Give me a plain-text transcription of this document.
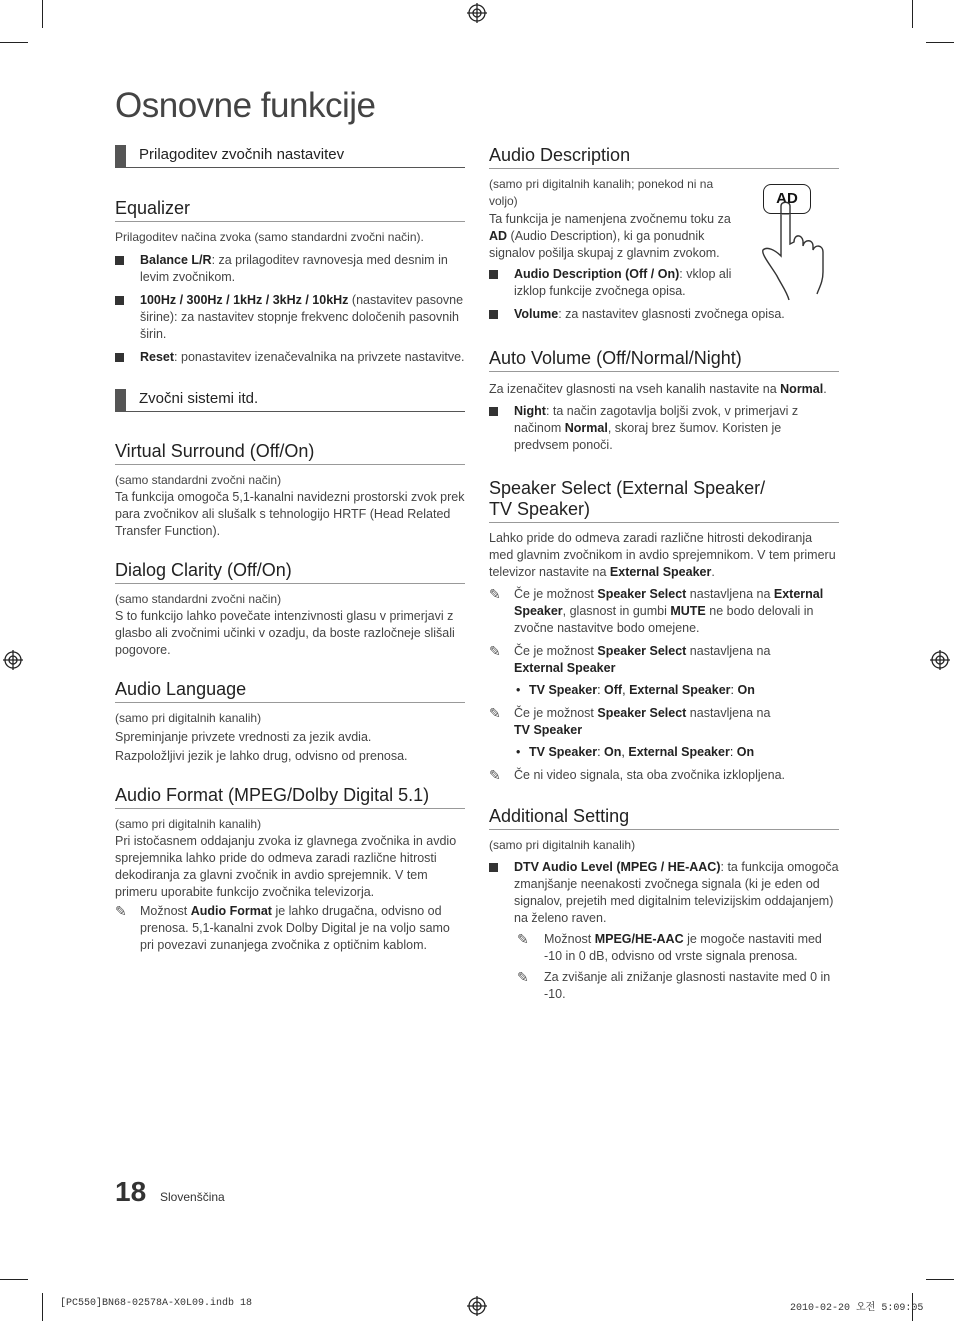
Osnovne funkcije
Prilagoditev zvočnih nastavitev
Equalizer

Prilagoditev načina zvoka (samo standardni zvočni način).

Balance L/R: za prilagoditev ravnovesja med desnim in levim zvočnikom.
100Hz / 300Hz / 1kHz / 3kHz / 10kHz (nastavitev pasovne širine): za nastavitev stopnje frekvenc določenih pasovnih širin.
Reset: ponastavitev izenačevalnika na privzete nastavitve.
Zvočni sistemi itd.
Virtual Surround (Off/On)

(samo standardni zvočni način)

Ta funkcija omogoča 5,1-kanalni navidezni prostorski zvok prek para zvočnikov ali slušalk s tehnologijo HRTF (Head Related Transfer Function).

Dialog Clarity (Off/On)

(samo standardni zvočni način)

S to funkcijo lahko povečate intenzivnosti glasu v primerjavi z glasbo ali zvočnimi učinki v ozadju, da boste razločneje slišali pogovore.

Audio Language

(samo pri digitalnih kanalih)

Spreminjanje privzete vrednosti za jezik avdia.

Razpoložljivi jezik je lahko drug, odvisno od prenosa.

Audio Format (MPEG/Dolby Digital 5.1)

(samo pri digitalnih kanalih)

Pri istočasnem oddajanju zvoka iz glavnega zvočnika in avdio sprejemnika lahko pride do odmeva zaradi različne hitrosti dekodiranja za glavni zvočnik in avdio sprejemnik. V tem primeru uporabite funkcijo zvočnika televizorja.

✎ Možnost Audio Format je lahko drugačna, odvisno od prenosa. 5,1-kanalni zvok Dolby Digital je na voljo samo pri povezavi zunanjega zvočnika z optičnim kablom.
Audio Description

(samo pri digitalnih kanalih; ponekod ni na voljo)

Ta funkcija je namenjena zvočnemu toku za AD (Audio Description), ki ga ponudnik signalov pošilja skupaj z glavnim zvokom.

Audio Description (Off / On): vklop ali izklop funkcije zvočnega opisa.
Volume: za nastavitev glasnosti zvočnega opisa.
AD
Auto Volume (Off/Normal/Night)

Za izenačitev glasnosti na vseh kanalih nastavite na Normal.

Night: ta način zagotavlja boljši zvok, v primerjavi z načinom Normal, skoraj brez šumov. Koristen je predvsem ponoči.
Speaker Select (External Speaker/
TV Speaker)

Lahko pride do odmeva zaradi različne hitrosti dekodiranja med glavnim zvočnikom in avdio sprejemnikom. V tem primeru televizor nastavite na External Speaker.

✎ Če je možnost Speaker Select nastavljena na External Speaker, glasnost in gumbi MUTE ne bodo delovali in zvočne nastavitve bodo omejene.
✎ Če je možnost Speaker Select nastavljena na
External Speaker
• TV Speaker: Off, External Speaker: On
✎ Če je možnost Speaker Select nastavljena na
TV Speaker
• TV Speaker: On, External Speaker: On
✎ Če ni video signala, sta oba zvočnika izklopljena.
Additional Setting

(samo pri digitalnih kanalih)

DTV Audio Level (MPEG / HE-AAC): ta funkcija omogoča zmanjšanje neenakosti zvočnega signala (ki je eden od signalov, prejetih med digitalnim televizijskim oddajanjem) na želeno raven.
✎ Možnost MPEG/HE-AAC je mogoče nastaviti med -10 in 0 dB, odvisno od vrste signala prenosa.
✎ Za zvišanje ali znižanje glasnosti nastavite med 0 in -10.
18 Slovenščina
[PC550]BN68-02578A-X0L09.indb 18	2010-02-20 오전 5:09:05
